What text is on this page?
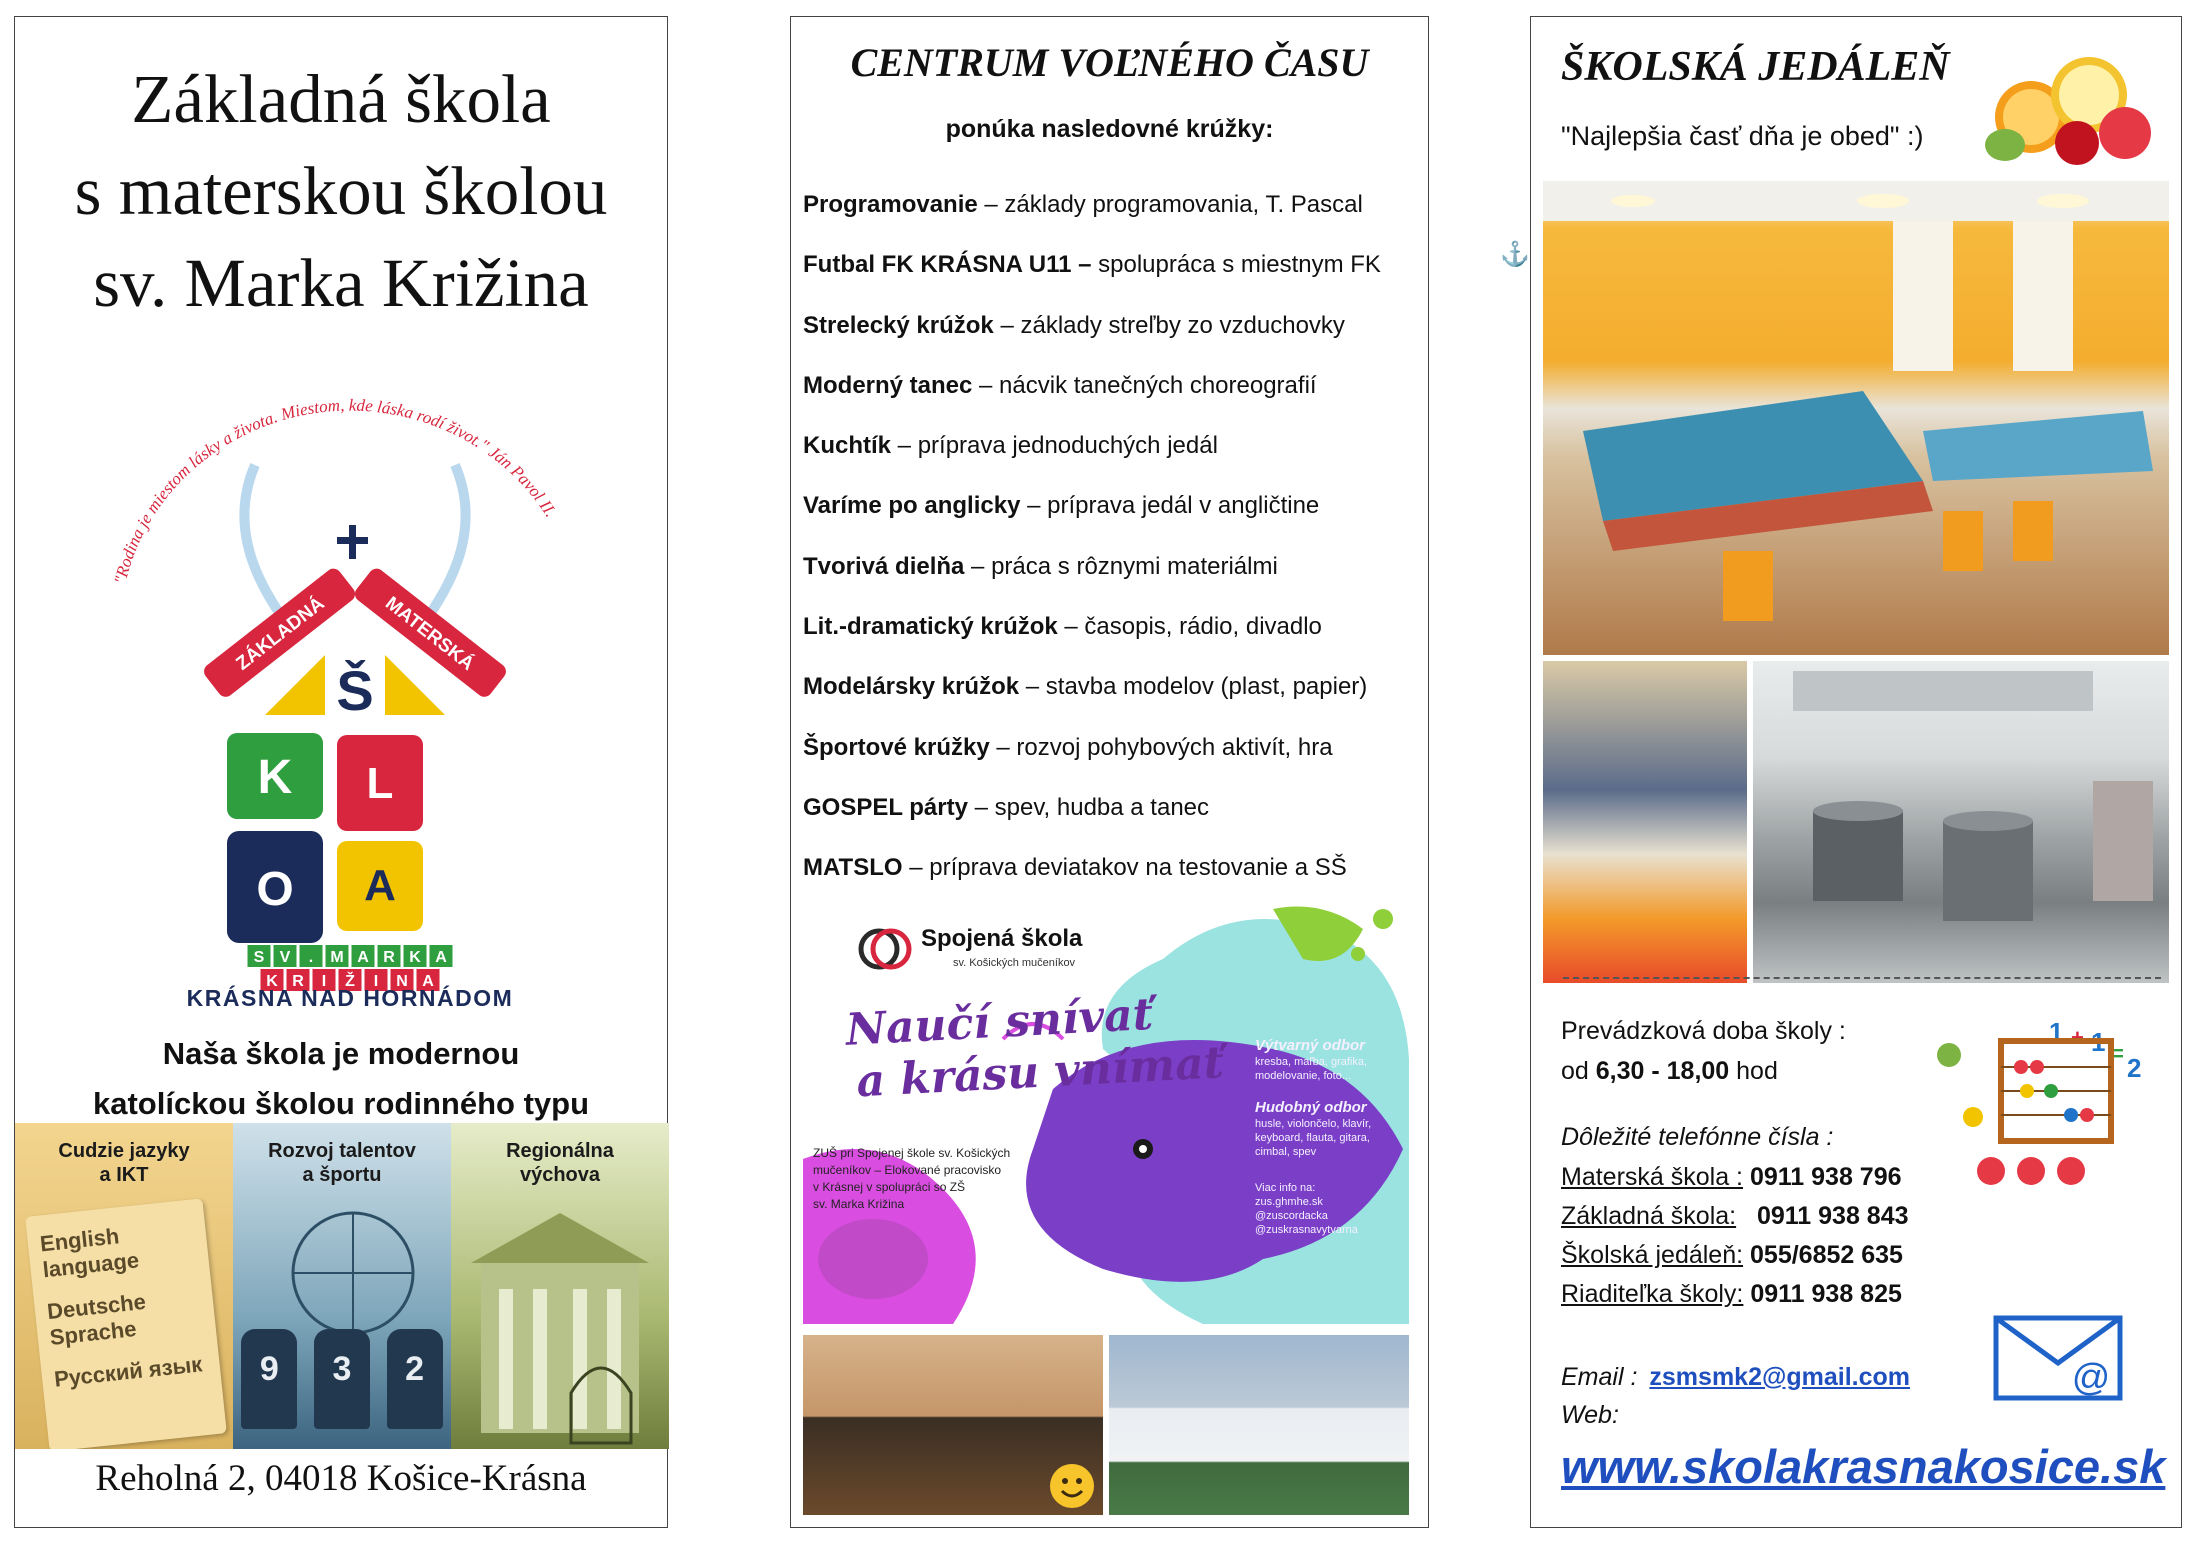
Základná škola
s materskou školou
sv. Marka Križina
"Rodina je miestom lásky a života. Miestom, kde láska rodí život." Ján Pavol II.
ZÁKLADNÁ	MATERSKÁ
Š
K L
O A
S V . M A R K A
K R I Ž I N A
KRÁSNA NAD HORNÁDOM
Naša škola je modernou
katolíckou školou rodinného typu
Cudzie jazyky
a IKT
English language
Deutsche Sprache
Русский язык
Rozvoj talentov
a športu
9	3	2
Regionálna
výchova
Reholná 2, 04018 Košice-Krásna
CENTRUM VOĽNÉHO ČASU
ponúka nasledovné krúžky:
Programovanie – základy programovania, T. Pascal
Futbal FK KRÁSNA U11 – spolupráca s miestnym FK
Strelecký krúžok – základy streľby zo vzduchovky
Moderný tanec – nácvik tanečných choreografií
Kuchtík – príprava jednoduchých jedál
Varíme po anglicky – príprava jedál v angličtine
Tvorivá dielňa – práca s rôznymi materiálmi
Lit.-dramatický krúžok – časopis, rádio, divadlo
Modelársky krúžok – stavba modelov (plast, papier)
Športové krúžky – rozvoj pohybových aktivít, hra
GOSPEL párty – spev, hudba a tanec
MATSLO – príprava deviatakov na testovanie a SŠ
Spojená škola
sv. Košických mučeníkov
Naučí snívať
a krásu vnímať
ZUŠ pri Spojenej škole sv. Košických
mučeníkov – Elokované pracovisko
v Krásnej v spolupráci so ZŠ
sv. Marka Križina
Výtvarný odbor
kresba, maľba, grafika,
modelovanie, foto...
Hudobný odbor
husle, violončelo, klavír,
keyboard, flauta, gitara,
cimbal, spev
Viac info na:
zus.ghmhe.sk
@zuscordacka
@zuskrasnavytvarna
⚓
ŠKOLSKÁ JEDÁLEŇ
"Najlepšia časť dňa je obed" :)
Prevádzková doba školy :
od 6,30 - 18,00 hod
Dôležité telefónne čísla :
Materská škola : 0911 938 796
Základná škola: 0911 938 843
Školská jedáleň: 055/6852 635
Riaditeľka školy: 0911 938 825
Email : zsmsmk2@gmail.com
Web:
www.skolakrasnakosice.sk
1 + 1 = 2
@
